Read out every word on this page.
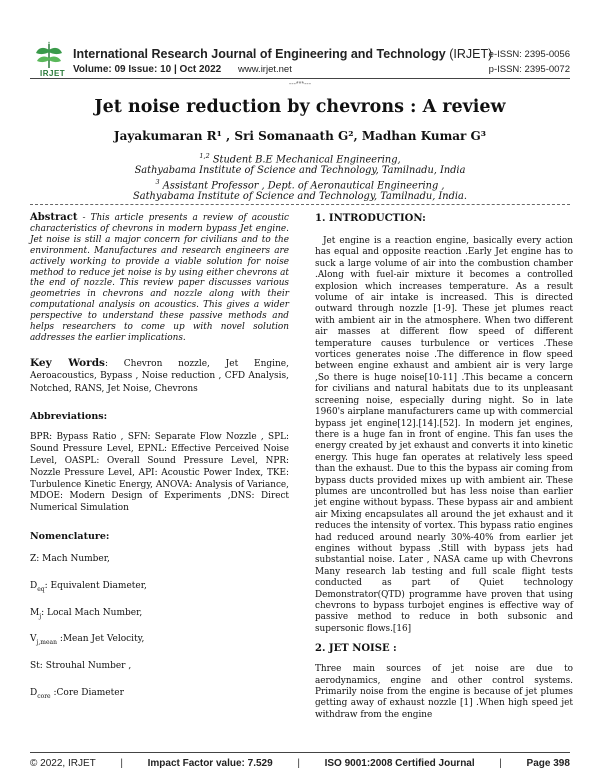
IRJET
International Research Journal of Engineering and Technology (IRJET)
Volume: 09 Issue: 10 | Oct 2022 www.irjet.net
e-ISSN: 2395-0056
p-ISSN: 2395-0072
---***---
Jet noise reduction by chevrons : A review
Jayakumaran R¹ , Sri Somanaath G², Madhan Kumar G³
$^{1,2}$ Student B.E Mechanical Engineering,
Sathyabama Institute of Science and Technology, Tamilnadu, India
$^3$ Assistant Professor , Dept. of Aeronautical Engineering ,
Sathyabama Institute of Science and Technology, Tamilnadu, India.

Abstract - This article presents a review of acoustic characteristics of chevrons in modern bypass Jet engine. Jet noise is still a major concern for civilians and to the environment. Manufactures and research engineers are actively working to provide a viable solution for noise method to reduce jet noise is by using either chevrons at the end of nozzle. This review paper discusses various geometries in chevrons and nozzle along with their computational analysis on acoustics. This gives a wider perspective to understand these passive methods and helps researchers to come up with novel solution addresses the earlier implications.

Key Words: Chevron nozzle, Jet Engine, Aeroacoustics, Bypass , Noise reduction , CFD Analysis, Notched, RANS, Jet Noise, Chevrons

Abbreviations:

BPR: Bypass Ratio , SFN: Separate Flow Nozzle , SPL: Sound Pressure Level, EPNL: Effective Perceived Noise Level, OASPL: Overall Sound Pressure Level, NPR: Nozzle Pressure Level, API: Acoustic Power Index, TKE: Turbulence Kinetic Energy, ANOVA: Analysis of Variance, MDOE: Modern Design of Experiments ,DNS: Direct Numerical Simulation

Nomenclature:

Z: Mach Number,

$D_{eq}$: Equivalent Diameter,

$M_j$: Local Mach Number,

$V_{j,mean}$ :Mean Jet Velocity,

St: Strouhal Number ,

$D_{core}$ :Core Diameter

1. INTRODUCTION:

Jet engine is a reaction engine, basically every action has equal and opposite reaction .Early Jet engine has to suck a large volume of air into the combustion chamber .Along with fuel-air mixture it becomes a controlled explosion which increases temperature. As a result volume of air intake is increased. This is directed outward through nozzle [1-9]. These jet plumes react with ambient air in the atmosphere. When two different air masses at different flow speed of different temperature causes turbulence or vertices .These vortices generates noise .The difference in flow speed between engine exhaust and ambient air is very large ,So there is huge noise[10-11] .This became a concern for civilians and natural habitats due to its unpleasant screening noise, especially during night. So in late 1960's airplane manufacturers came up with commercial bypass jet engine[12].[14].[52]. In modern jet engines, there is a huge fan in front of engine. This fan uses the energy created by jet exhaust and converts it into kinetic energy. This huge fan operates at relatively less speed than the exhaust. Due to this the bypass air coming from bypass ducts provided mixes up with ambient air. These plumes are uncontrolled but has less noise than earlier jet engine without bypass. These bypass air and ambient air Mixing encapsulates all around the jet exhaust and it reduces the intensity of vortex. This bypass ratio engines had reduced around nearly 30%-40% from earlier jet engines without bypass .Still with bypass jets had substantial noise. Later , NASA came up with Chevrons Many research lab testing and full scale flight tests conducted as part of Quiet technology Demonstrator(QTD) programme have proven that using chevrons to bypass turbojet engines is effective way of passive method to reduce in both subsonic and supersonic flows.[16]

2. JET NOISE :

Three main sources of jet noise are due to aerodynamics, engine and other control systems. Primarily noise from the engine is because of jet plumes getting away of exhaust nozzle [1] .When high speed jet withdraw from the engine
© 2022, IRJET | Impact Factor value: 7.529 | ISO 9001:2008 Certified Journal | Page 398
